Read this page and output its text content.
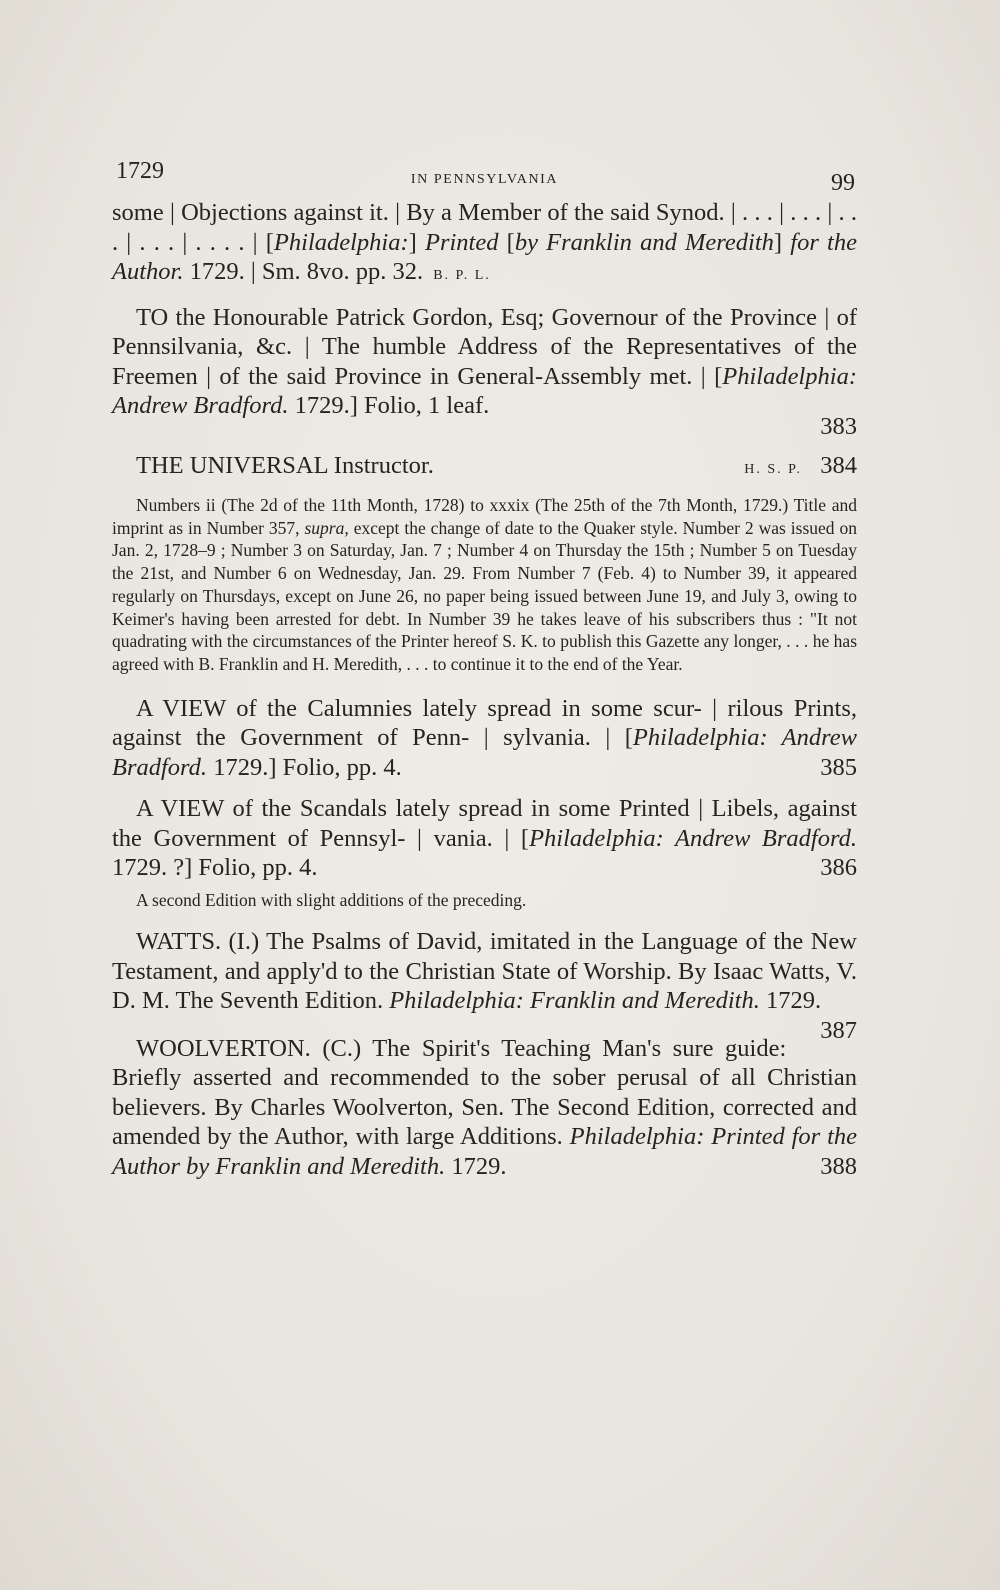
1729	IN PENNSYLVANIA	99

some | Objections against it. | By a Member of the said Synod. | . . . | . . . | . . . | . . . | . . . . | [Philadelphia:] Printed [by Franklin and Meredith] for the Author. 1729. | Sm. 8vo. pp. 32. B. P. L.

TO the Honourable Patrick Gordon, Esq; Governour of the Province | of Pennsilvania, &c. | The humble Address of the Representatives of the Freemen | of the said Province in General-Assembly met. | [Philadelphia: Andrew Bradford. 1729.] Folio, 1 leaf.
383

H. S. P. 384
THE UNIVERSAL Instructor.

Numbers ii (The 2d of the 11th Month, 1728) to xxxix (The 25th of the 7th Month, 1729.) Title and imprint as in Number 357, supra, except the change of date to the Quaker style. Number 2 was issued on Jan. 2, 1728–9 ; Number 3 on Saturday, Jan. 7 ; Number 4 on Thursday the 15th ; Number 5 on Tuesday the 21st, and Number 6 on Wednesday, Jan. 29. From Number 7 (Feb. 4) to Number 39, it appeared regularly on Thursdays, except on June 26, no paper being issued between June 19, and July 3, owing to Keimer's having been arrested for debt. In Number 39 he takes leave of his subscribers thus : "It not quadrating with the circumstances of the Printer hereof S. K. to publish this Gazette any longer, . . . he has agreed with B. Franklin and H. Meredith, . . . to continue it to the end of the Year.

A VIEW of the Calumnies lately spread in some scur- | rilous Prints, against the Government of Penn- | sylvania. | [Philadelphia: Andrew Bradford. 1729.] Folio, pp. 4.	385

A VIEW of the Scandals lately spread in some Printed | Libels, against the Government of Pennsyl- | vania. | [Philadelphia: Andrew Bradford. 1729. ?] Folio, pp. 4.	386

A second Edition with slight additions of the preceding.

WATTS. (I.) The Psalms of David, imitated in the Language of the New Testament, and apply'd to the Christian State of Worship. By Isaac Watts, V. D. M. The Seventh Edition. Philadelphia: Franklin and Meredith. 1729.
387

WOOLVERTON. (C.) The Spirit's Teaching Man's sure guide: Briefly asserted and recommended to the sober perusal of all Christian believers. By Charles Woolverton, Sen. The Second Edition, corrected and amended by the Author, with large Additions. Philadelphia: Printed for the Author by Franklin and Meredith. 1729.	388
